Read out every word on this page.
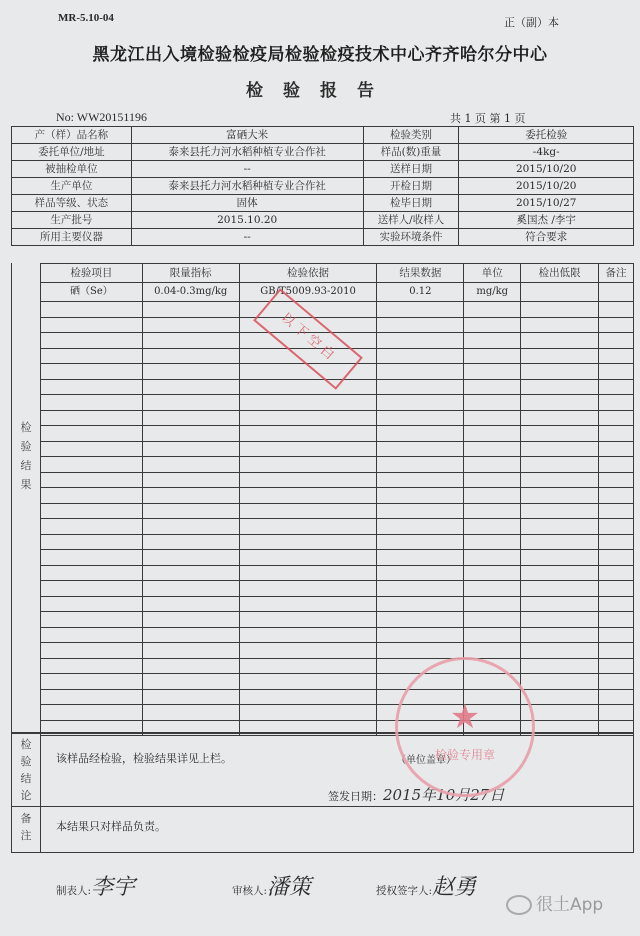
MR-5.10-04	正（副）本
黑龙江出入境检验检疫局检验检疫技术中心齐齐哈尔分中心
检验报告
No: WW20151196	共 1 页 第 1 页
产（样）品名称	富硒大米	检验类别	委托检验
委托单位/地址	泰来县托力河水稻种植专业合作社	样品(数)重量	-4kg-
被抽检单位	--	送样日期	2015/10/20
生产单位	泰来县托力河水稻种植专业合作社	开检日期	2015/10/20
样品等级、状态	固体	检毕日期	2015/10/27
生产批号	2015.10.20	送样人/收样人	奚国杰 /李宇
所用主要仪器	--	实验环境条件	符合要求
检
验
结
果
检验项目	限量指标	检验依据	结果数据	单位	检出低限	备注
硒（Se）	0.04-0.3mg/kg	GB/T5009.93-2010	0.12	mg/kg		

检
验
结
论
该样品经检验，检验结果详见上栏。	（单位盖章）
签发日期：2015年10月27日
备
注
本结果只对样品负责。
制表人:李宇	审核人:潘策	授权签字人:赵勇
以下空白
★
检验专用章
很土App
